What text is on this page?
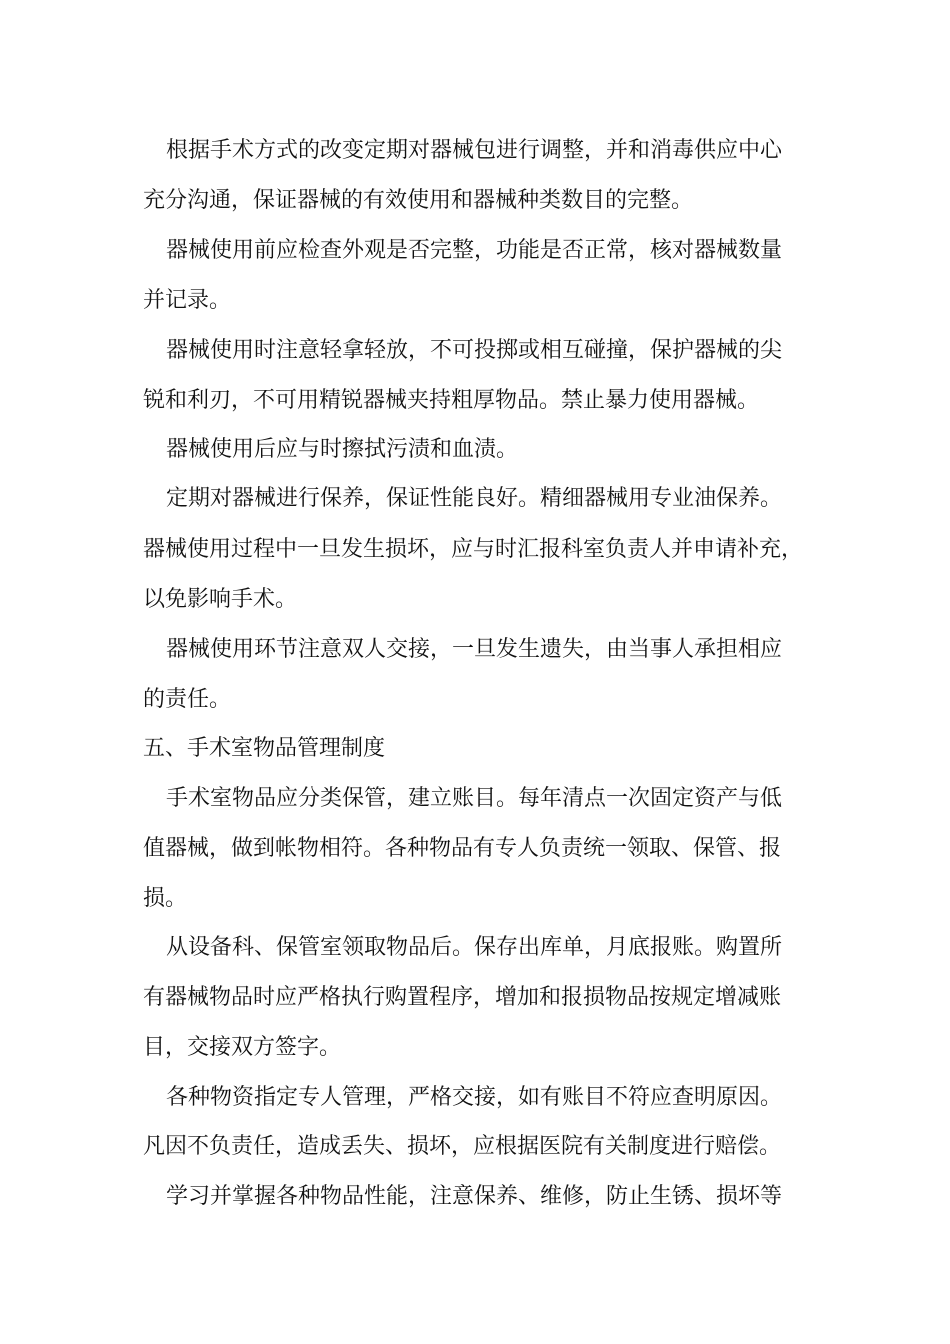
根据手术方式的改变定期对器械包进行调整，并和消毒供应中心

充分沟通，保证器械的有效使用和器械种类数目的完整。

器械使用前应检查外观是否完整，功能是否正常，核对器械数量

并记录。

器械使用时注意轻拿轻放，不可投掷或相互碰撞，保护器械的尖

锐和利刃，不可用精锐器械夹持粗厚物品。禁止暴力使用器械。

器械使用后应与时擦拭污渍和血渍。

定期对器械进行保养，保证性能良好。精细器械用专业油保养。

器械使用过程中一旦发生损坏，应与时汇报科室负责人并申请补充，

以免影响手术。

器械使用环节注意双人交接，一旦发生遗失，由当事人承担相应

的责任。

五、手术室物品管理制度

手术室物品应分类保管，建立账目。每年清点一次固定资产与低

值器械，做到帐物相符。各种物品有专人负责统一领取、保管、报

损。

从设备科、保管室领取物品后。保存出库单，月底报账。购置所

有器械物品时应严格执行购置程序，增加和报损物品按规定增减账

目，交接双方签字。

各种物资指定专人管理，严格交接，如有账目不符应查明原因。

凡因不负责任，造成丢失、损坏，应根据医院有关制度进行赔偿。

学习并掌握各种物品性能，注意保养、维修，防止生锈、损坏等
